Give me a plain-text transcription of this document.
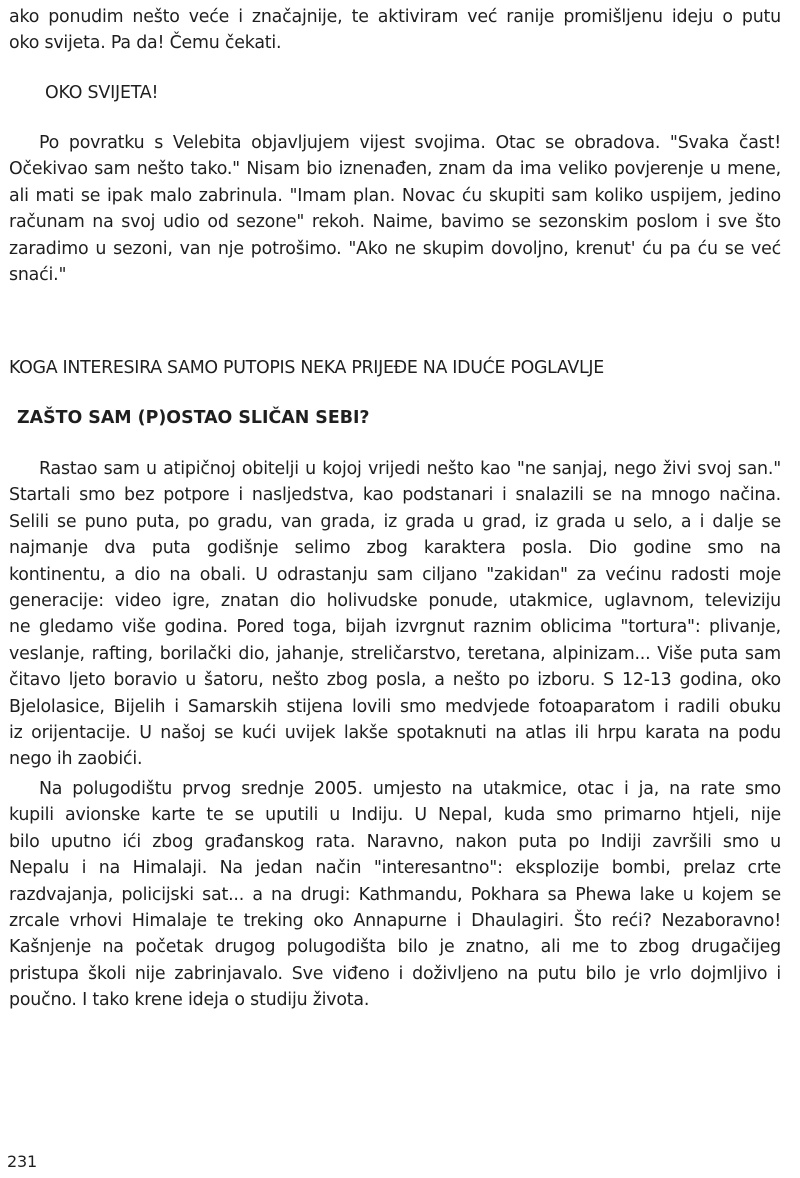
ako ponudim nešto veće i značajnije, te aktiviram već ranije promišljenu ideju o putu
oko svijeta. Pa da! Čemu čekati.
OKO SVIJETA!
Po povratku s Velebita objavljujem vijest svojima. Otac se obradova. "Svaka čast!
Očekivao sam nešto tako." Nisam bio iznenađen, znam da ima veliko povjerenje u mene,
ali mati se ipak malo zabrinula. "Imam plan. Novac ću skupiti sam koliko uspijem, jedino
računam na svoj udio od sezone" rekoh. Naime, bavimo se sezonskim poslom i sve što
zaradimo u sezoni, van nje potrošimo. "Ako ne skupim dovoljno, krenut' ću pa ću se već
snaći."
KOGA INTERESIRA SAMO PUTOPIS NEKA PRIJEĐE NA IDUĆE POGLAVLJE
ZAŠTO SAM (P)OSTAO SLIČAN SEBI?
Rastao sam u atipičnoj obitelji u kojoj vrijedi nešto kao "ne sanjaj, nego živi svoj san."
Startali smo bez potpore i nasljedstva, kao podstanari i snalazili se na mnogo načina.
Selili se puno puta, po gradu, van grada, iz grada u grad, iz grada u selo, a i dalje se
najmanje dva puta godišnje selimo zbog karaktera posla. Dio godine smo na
kontinentu, a dio na obali. U odrastanju sam ciljano "zakidan" za većinu radosti moje
generacije: video igre, znatan dio holivudske ponude, utakmice, uglavnom, televiziju
ne gledamo više godina. Pored toga, bijah izvrgnut raznim oblicima "tortura": plivanje,
veslanje, rafting, borilački dio, jahanje, streličarstvo, teretana, alpinizam... Više puta sam
čitavo ljeto boravio u šatoru, nešto zbog posla, a nešto po izboru. S 12-13 godina, oko
Bjelolasice, Bijelih i Samarskih stijena lovili smo medvjede fotoaparatom i radili obuku
iz orijentacije. U našoj se kući uvijek lakše spotaknuti na atlas ili hrpu karata na podu
nego ih zaobići.
Na polugodištu prvog srednje 2005. umjesto na utakmice, otac i ja, na rate smo
kupili avionske karte te se uputili u Indiju. U Nepal, kuda smo primarno htjeli, nije
bilo uputno ići zbog građanskog rata. Naravno, nakon puta po Indiji završili smo u
Nepalu i na Himalaji. Na jedan način "interesantno": eksplozije bombi, prelaz crte
razdvajanja, policijski sat... a na drugi: Kathmandu, Pokhara sa Phewa lake u kojem se
zrcale vrhovi Himalaje te treking oko Annapurne i Dhaulagiri. Što reći? Nezaboravno!
Kašnjenje na početak drugog polugodišta bilo je znatno, ali me to zbog drugačijeg
pristupa školi nije zabrinjavalo. Sve viđeno i doživljeno na putu bilo je vrlo dojmljivo i
poučno. I tako krene ideja o studiju života.
231
